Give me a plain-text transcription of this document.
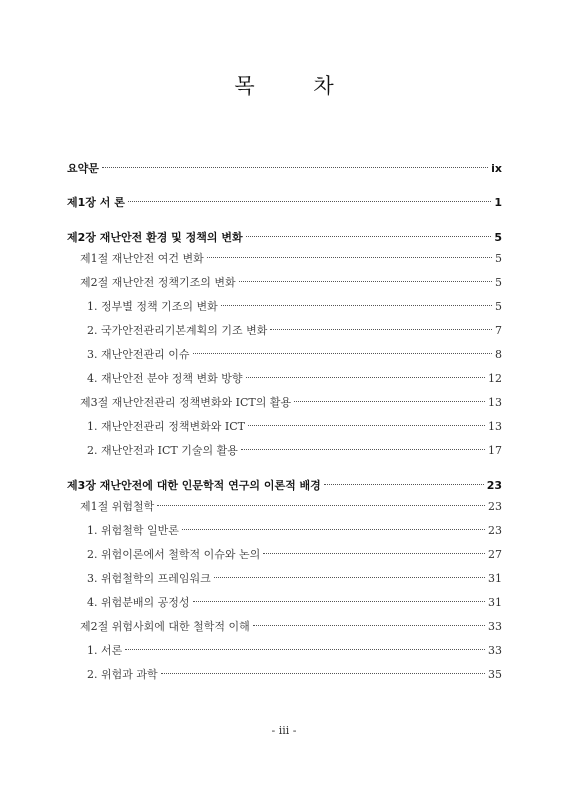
목 차
요약문	ix
제1장 서 론	1
제2장 재난안전 환경 및 정책의 변화	5
제1절 재난안전 여건 변화	5
제2절 재난안전 정책기조의 변화	5
1. 정부별 정책 기조의 변화	5
2. 국가안전관리기본계획의 기조 변화	7
3. 재난안전관리 이슈	8
4. 재난안전 분야 정책 변화 방향	12
제3절 재난안전관리 정책변화와 ICT의 활용	13
1. 재난안전관리 정책변화와 ICT	13
2. 재난안전과 ICT 기술의 활용	17
제3장 재난안전에 대한 인문학적 연구의 이론적 배경	23
제1절 위험철학	23
1. 위험철학 일반론	23
2. 위험이론에서 철학적 이슈와 논의	27
3. 위험철학의 프레임워크	31
4. 위험분배의 공정성	31
제2절 위험사회에 대한 철학적 이해	33
1. 서론	33
2. 위험과 과학	35
- iii -
